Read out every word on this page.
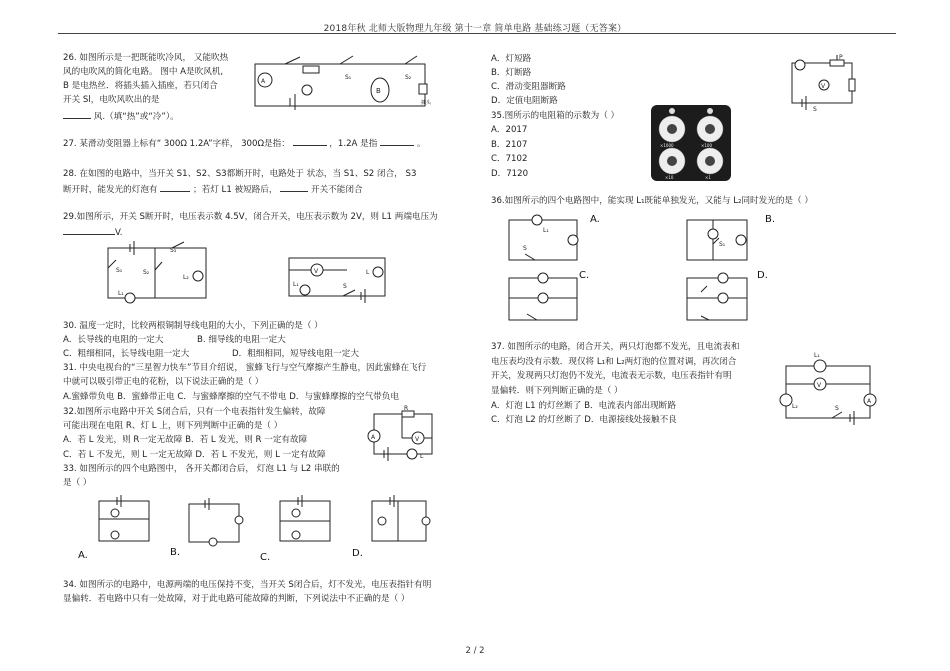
2018年秋 北师大版物理九年级 第十一章 简单电路 基础练习题（无答案）
26. 如图所示是一把既能吹冷风， 又能吹热
风的电吹风的简化电路。 图中 A是吹风机,
B 是电热丝．将插头插入插座，若只闭合
开关 Sl，电吹风吹出的是
风.（填“热”或“冷”）。
A
B
S₁	S₂
插头
27. 某滑动变阻器上标有“ 300Ω 1.2A”字样， 300Ω是指：	，1.2A 是指	。
28. 在如图的电路中，当开关 S1、S2、S3都断开时，电路处于 状态，当 S1、S2 闭合， S3
断开时，能发光的灯泡有	；若灯 L1 被短路后，	开关不能闭合
29.如图所示，开关 S断开时，电压表示数 4.5V，闭合开关，电压表示数为 2V，则 L1 两端电压为
V.
S₁	S₂
S₃
L₁
L₂
V	L
L₁	S
30. 温度一定时，比较两根铜制导线电阻的大小，下列正确的是（ ）
A．长导线的电阻的一定大	B. 细导线的电阻一定大
C．粗细相同，长导线电阻一定大	D．粗细相同，短导线电阻一定大
31. 中央电视台的“三星智力快车”节目介绍说， 蜜蜂飞行与空气摩擦产生静电，因此蜜蜂在飞行
中就可以吸引带正电的花粉，以下说法正确的是（ ）
A.蜜蜂带负电 B．蜜蜂带正电 C．与蜜蜂摩擦的空气不带电 D．与蜜蜂摩擦的空气带负电
32.如图所示电路中开关 S闭合后，只有一个电表指针发生偏转，故障
可能出现在电阻 R、灯 L 上，则下列判断中正确的是（ ）
A．若 L 发光，则 R一定无故障 B．若 L 发光，则 R 一定有故障
C．若 L 不发光，则 L 一定无故障 D．若 L 不发光，则 L 一定有故障
A	V
R
L
33. 如图所示的四个电路图中， 各开关都闭合后， 灯泡 L1 与 L2 串联的
是（ ）
A.	B.	C.	D.
34. 如图所示的电路中，电源两端的电压保持不变，当开关 S闭合后，灯不发光，电压表指针有明
显偏转．若电路中只有一处故障，对于此电路可能故障的判断，下列说法中不正确的是（ ）
A．灯短路
B．灯断路
C．滑动变阻器断路
D．定值电阻断路
V
P
S
35.图所示的电阻箱的示数为（ ）
A．2017
B．2107
C．7102
D．7120
×1000	×100
×10	×1
36.如图所示的四个电路图中，能实现 L₁既能单独发光，又能与 L₂同时发光的是（ ）
L₁
S
S₁
A.	B.
C.	D.
37. 如图所示的电路，闭合开关，两只灯泡都不发光，且电流表和
电压表均没有示数．现仅将 L₁和 L₂两灯泡的位置对调，再次闭合
开关，发现两只灯泡仍不发光，电流表无示数，电压表指针有明
显偏转．则下列判断正确的是（ ）
A．灯泡 L1 的灯丝断了 B．电流表内部出现断路
C．灯泡 L2 的灯丝断了 D．电源接线处接触不良
L₁
V
L₂
A
S
2 / 2
